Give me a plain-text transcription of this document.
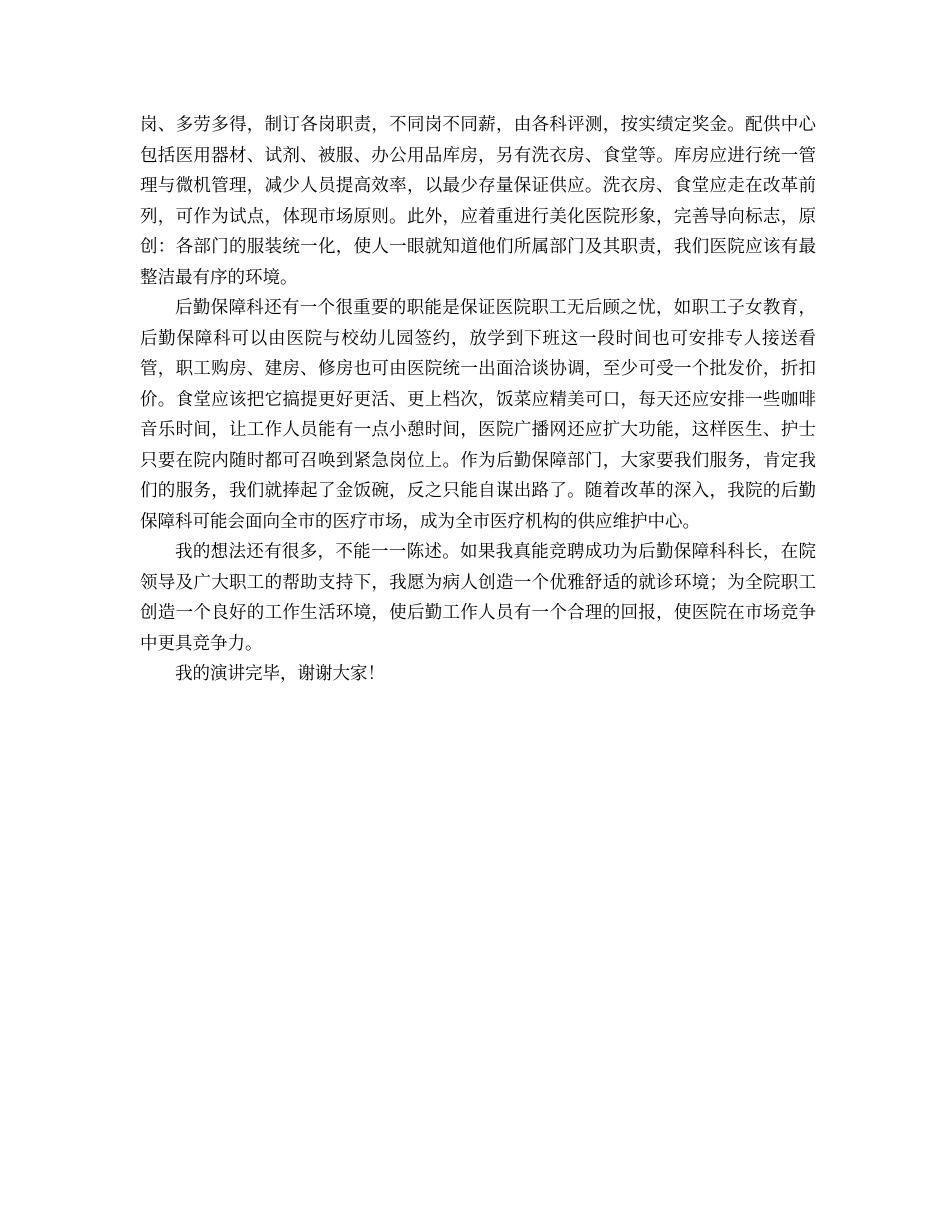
岗、多劳多得，制订各岗职责，不同岗不同薪，由各科评测，按实绩定奖金。配供中心包括医用器材、试剂、被服、办公用品库房，另有洗衣房、食堂等。库房应进行统一管理与微机管理，减少人员提高效率，以最少存量保证供应。洗衣房、食堂应走在改革前列，可作为试点，体现市场原则。此外，应着重进行美化医院形象，完善导向标志，原创：各部门的服装统一化，使人一眼就知道他们所属部门及其职责，我们医院应该有最整洁最有序的环境。

后勤保障科还有一个很重要的职能是保证医院职工无后顾之忧，如职工子女教育，后勤保障科可以由医院与校幼儿园签约，放学到下班这一段时间也可安排专人接送看管，职工购房、建房、修房也可由医院统一出面洽谈协调，至少可受一个批发价，折扣价。食堂应该把它搞提更好更活、更上档次，饭菜应精美可口，每天还应安排一些咖啡音乐时间，让工作人员能有一点小憩时间，医院广播网还应扩大功能，这样医生、护士只要在院内随时都可召唤到紧急岗位上。作为后勤保障部门，大家要我们服务，肯定我们的服务，我们就捧起了金饭碗，反之只能自谋出路了。随着改革的深入，我院的后勤保障科可能会面向全市的医疗市场，成为全市医疗机构的供应维护中心。

我的想法还有很多，不能一一陈述。如果我真能竞聘成功为后勤保障科科长，在院领导及广大职工的帮助支持下，我愿为病人创造一个优雅舒适的就诊环境；为全院职工创造一个良好的工作生活环境，使后勤工作人员有一个合理的回报，使医院在市场竞争中更具竞争力。

我的演讲完毕，谢谢大家！
